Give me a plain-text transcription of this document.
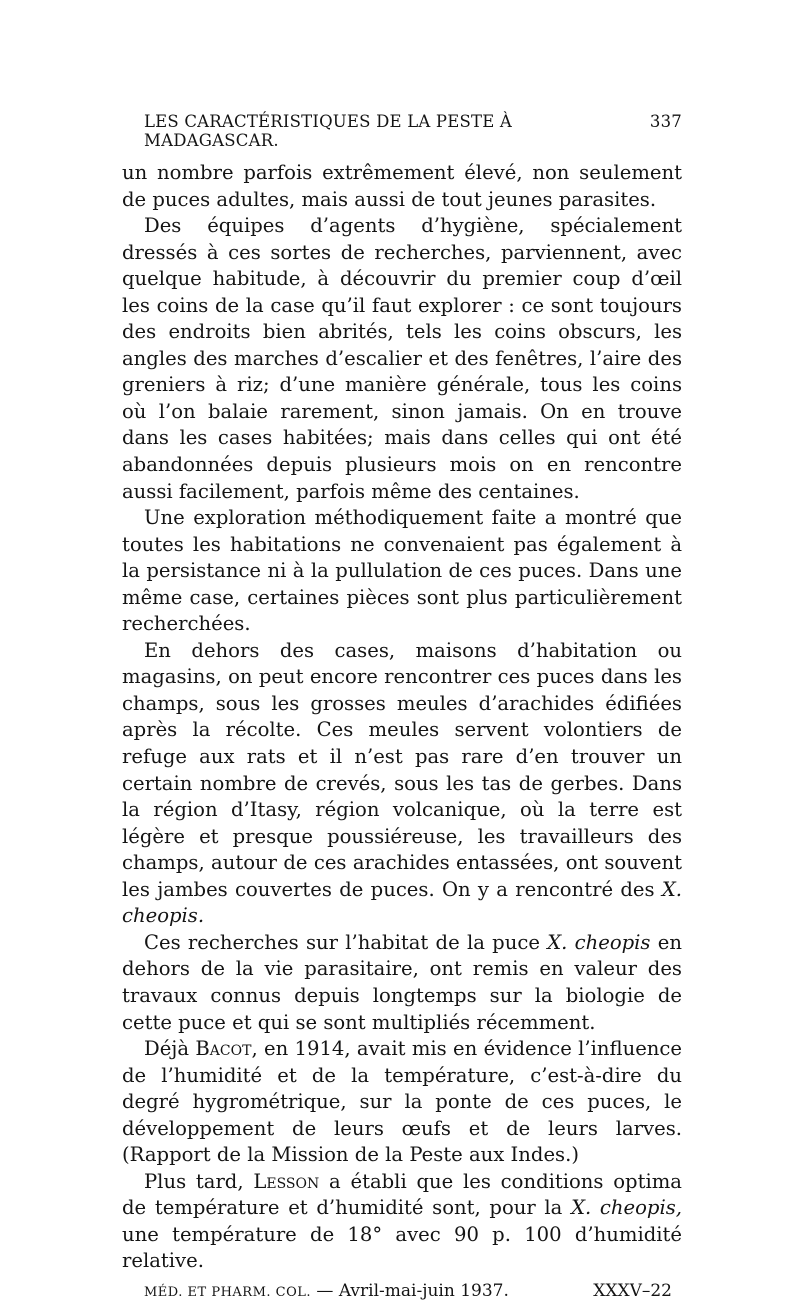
LES CARACTÉRISTIQUES DE LA PESTE À MADAGASCAR.
337

un nombre parfois extrêmement élevé, non seulement de puces adultes, mais aussi de tout jeunes parasites.

Des équipes d’agents d’hygiène, spécialement dressés à ces sortes de recherches, parviennent, avec quelque habitude, à découvrir du premier coup d’œil les coins de la case qu’il faut explorer : ce sont toujours des endroits bien abrités, tels les coins obscurs, les angles des marches d’escalier et des fenêtres, l’aire des greniers à riz; d’une manière générale, tous les coins où l’on balaie rarement, sinon jamais. On en trouve dans les cases habitées; mais dans celles qui ont été abandonnées depuis plusieurs mois on en rencontre aussi facilement, parfois même des centaines.

Une exploration méthodiquement faite a montré que toutes les habitations ne convenaient pas également à la persistance ni à la pullulation de ces puces. Dans une même case, certaines pièces sont plus particulièrement recherchées.

En dehors des cases, maisons d’habitation ou magasins, on peut encore rencontrer ces puces dans les champs, sous les grosses meules d’arachides édifiées après la récolte. Ces meules servent volontiers de refuge aux rats et il n’est pas rare d’en trouver un certain nombre de crevés, sous les tas de gerbes. Dans la région d’Itasy, région volcanique, où la terre est légère et presque poussiéreuse, les travailleurs des champs, autour de ces arachides entassées, ont souvent les jambes couvertes de puces. On y a rencontré des X. cheopis.

Ces recherches sur l’habitat de la puce X. cheopis en dehors de la vie parasitaire, ont remis en valeur des travaux connus depuis longtemps sur la biologie de cette puce et qui se sont multipliés récemment.

Déjà Bacot, en 1914, avait mis en évidence l’influence de l’humidité et de la température, c’est-à-dire du degré hygrométrique, sur la ponte de ces puces, le développement de leurs œufs et de leurs larves. (Rapport de la Mission de la Peste aux Indes.)

Plus tard, Lesson a établi que les conditions optima de température et d’humidité sont, pour la X. cheopis, une température de 18° avec 90 p. 100 d’humidité relative.

MÉD. ET PHARM. COL. — Avril-mai-juin 1937.	XXXV–22
